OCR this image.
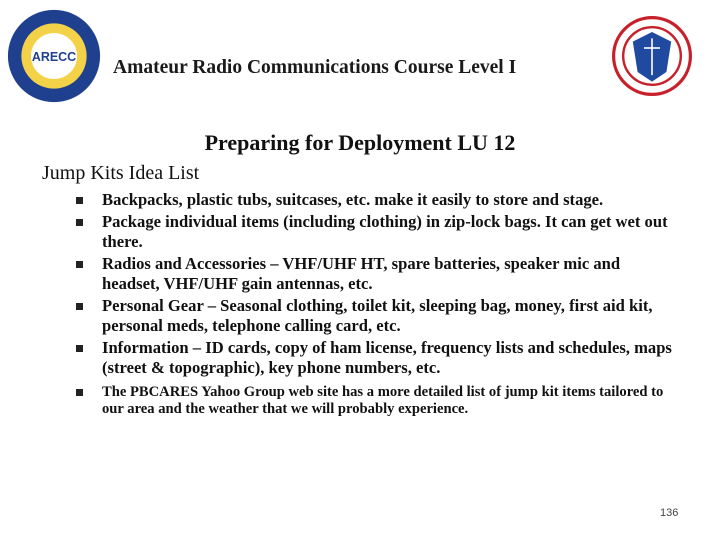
ARECC
Amateur Radio Communications Course Level I
Preparing for Deployment LU 12
Jump Kits Idea List
Backpacks, plastic tubs, suitcases, etc. make it easily to store and stage.
Package individual items (including clothing) in zip-lock bags. It can get wet out there.
Radios and Accessories – VHF/UHF HT, spare batteries, speaker mic and headset, VHF/UHF gain antennas, etc.
Personal Gear – Seasonal clothing, toilet kit, sleeping bag, money, first aid kit, personal meds, telephone calling card, etc.
Information – ID cards, copy of ham license, frequency lists and schedules, maps (street & topographic), key phone numbers, etc.
The PBCARES Yahoo Group web site has a more detailed list of jump kit items tailored to our area and the weather that we will probably experience.
136
